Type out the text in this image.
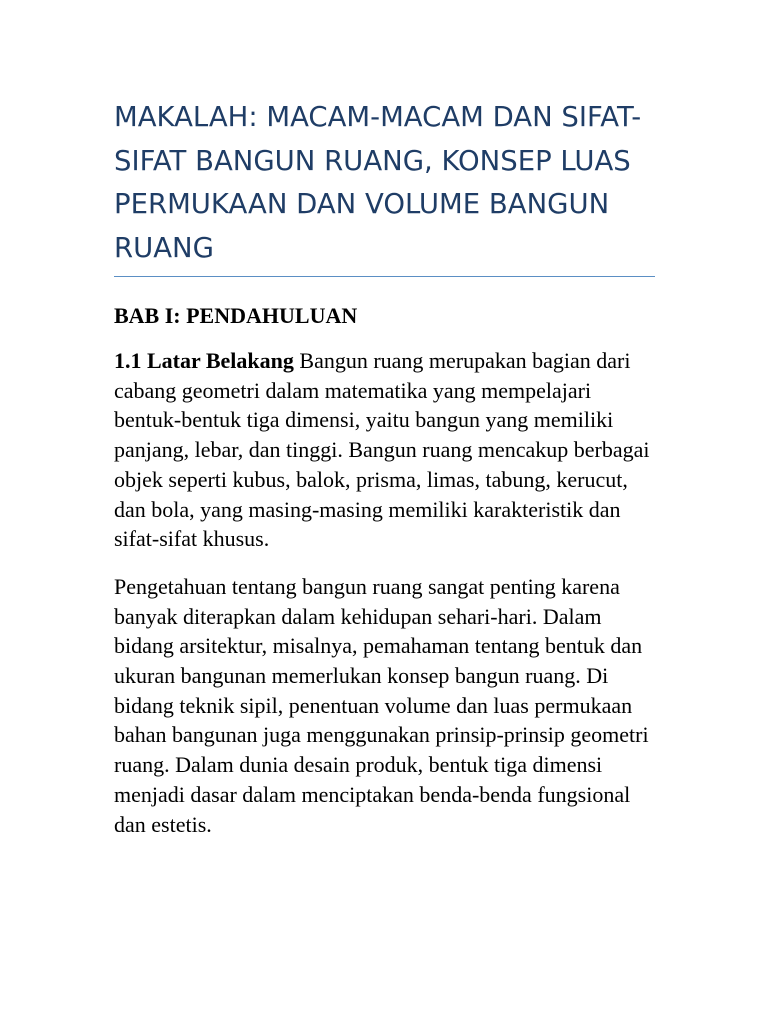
MAKALAH: MACAM-MACAM DAN SIFAT-SIFAT BANGUN RUANG, KONSEP LUAS PERMUKAAN DAN VOLUME BANGUN RUANG
BAB I: PENDAHULUAN

1.1 Latar Belakang Bangun ruang merupakan bagian dari cabang geometri dalam matematika yang mempelajari bentuk-bentuk tiga dimensi, yaitu bangun yang memiliki panjang, lebar, dan tinggi. Bangun ruang mencakup berbagai objek seperti kubus, balok, prisma, limas, tabung, kerucut, dan bola, yang masing-masing memiliki karakteristik dan sifat-sifat khusus.

Pengetahuan tentang bangun ruang sangat penting karena banyak diterapkan dalam kehidupan sehari-hari. Dalam bidang arsitektur, misalnya, pemahaman tentang bentuk dan ukuran bangunan memerlukan konsep bangun ruang. Di bidang teknik sipil, penentuan volume dan luas permukaan bahan bangunan juga menggunakan prinsip-prinsip geometri ruang. Dalam dunia desain produk, bentuk tiga dimensi menjadi dasar dalam menciptakan benda-benda fungsional dan estetis.
